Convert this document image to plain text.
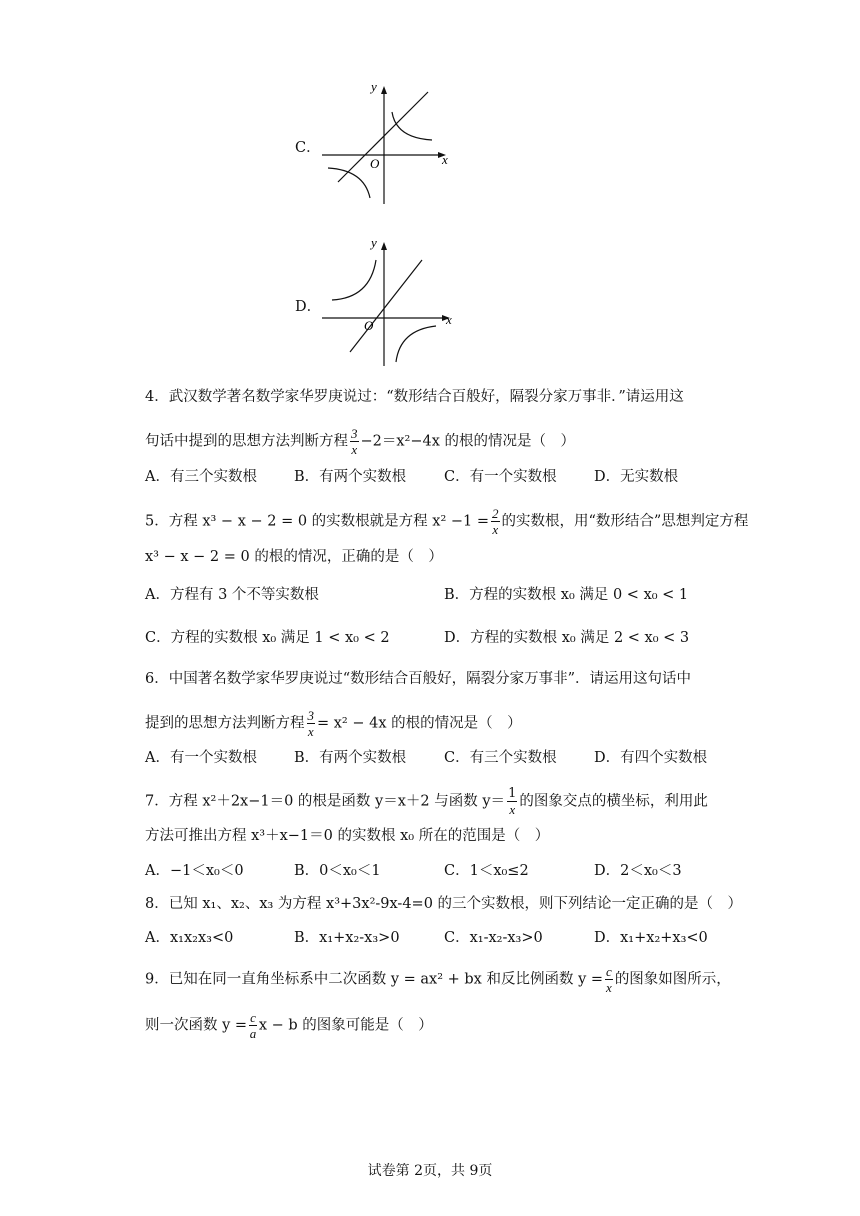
C．
x
y
O
D．
x
y
O
4．武汉数学著名数学家华罗庚说过：“数形结合百般好，隔裂分家万事非．”请运用这
句话中提到的思想方法判断方程 $\frac{3}{x} -2=x^2-4x$ 的根的情况是（　）
A．有三个实数根	B．有两个实数根	C．有一个实数根	D．无实数根
5．方程 x³ − x − 2 = 0 的实数根就是方程 $x^2 -1 = \frac{2}{x}$ 的实数根，用“数形结合”思想判定方程
x³ − x − 2 = 0 的根的情况，正确的是（　）
A．方程有 3 个不等实数根	B．方程的实数根 x₀ 满足 0 < x₀ < 1
C．方程的实数根 x₀ 满足 1 < x₀ < 2	D．方程的实数根 x₀ 满足 2 < x₀ < 3
6．中国著名数学家华罗庚说过“数形结合百般好，隔裂分家万事非”．请运用这句话中
提到的思想方法判断方程 $\frac{3}{x} = x^2 - 4x$ 的根的情况是（　）
A．有一个实数根	B．有两个实数根	C．有三个实数根	D．有四个实数根
7．方程 x²＋2x−1＝0 的根是函数 y＝x＋2 与函数 $y= \frac{1}{x}$ 的图象交点的横坐标，利用此
方法可推出方程 x³＋x−1＝0 的实数根 x₀ 所在的范围是（　）
A．−1＜x₀＜0	B．0＜x₀＜1	C．1＜x₀≤2	D．2＜x₀＜3
8．已知 x₁、x₂、x₃ 为方程 x³+3x²-9x-4=0 的三个实数根，则下列结论一定正确的是（　）
A．x₁x₂x₃<0	B．x₁+x₂-x₃>0	C．x₁-x₂-x₃>0	D．x₁+x₂+x₃<0
9．已知在同一直角坐标系中二次函数 y = ax² + bx 和反比例函数 $y = \frac{c}{x}$ 的图象如图所示，
则一次函数 $y = \frac{c}{a}$ x − b 的图象可能是（　）
试卷第 2页，共 9页
